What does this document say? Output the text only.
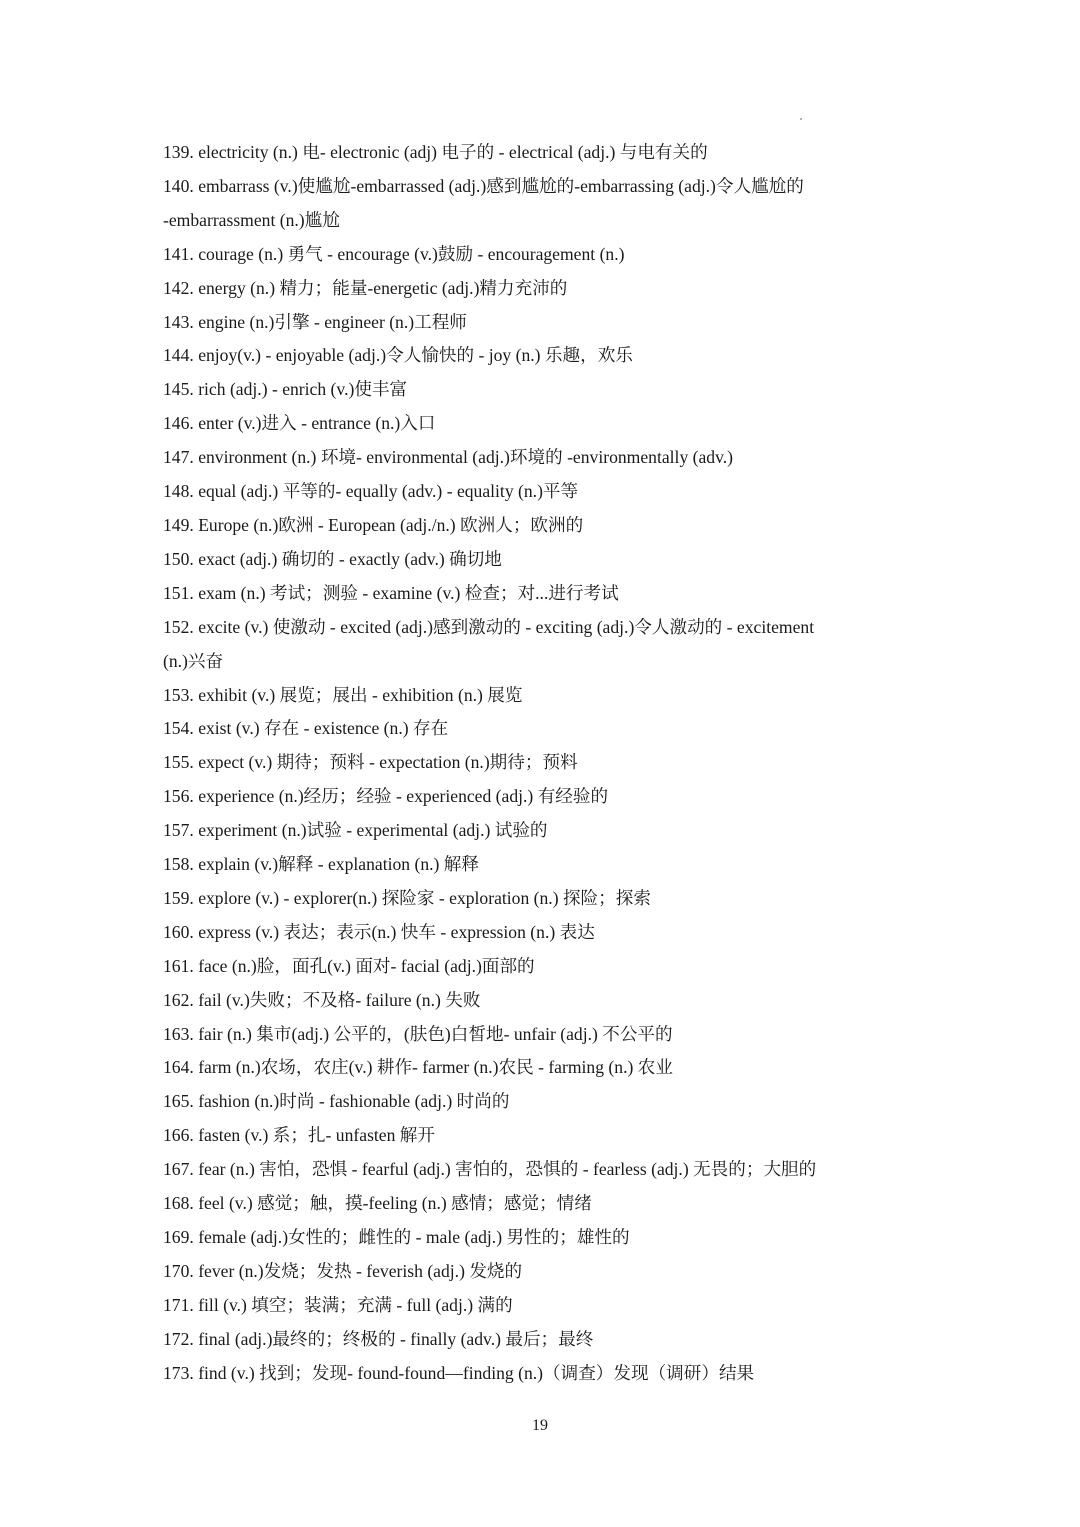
139. electricity (n.) 电- electronic (adj) 电子的 - electrical (adj.) 与电有关的
140. embarrass (v.)使尴尬-embarrassed (adj.)感到尴尬的-embarrassing (adj.)令人尴尬的
-embarrassment (n.)尴尬
141. courage (n.) 勇气 - encourage (v.)鼓励 - encouragement (n.)
142. energy (n.) 精力；能量-energetic (adj.)精力充沛的
143. engine (n.)引擎 - engineer (n.)工程师
144. enjoy(v.) - enjoyable (adj.)令人愉快的 - joy (n.) 乐趣，欢乐
145. rich (adj.) - enrich (v.)使丰富
146. enter (v.)进入 - entrance (n.)入口
147. environment (n.) 环境- environmental (adj.)环境的 -environmentally (adv.)
148. equal (adj.) 平等的- equally (adv.) - equality (n.)平等
149. Europe (n.)欧洲 - European (adj./n.) 欧洲人；欧洲的
150. exact (adj.) 确切的 - exactly (adv.) 确切地
151. exam (n.) 考试；测验 - examine (v.) 检查；对...进行考试
152. excite (v.) 使激动 - excited (adj.)感到激动的 - exciting (adj.)令人激动的 - excitement
(n.)兴奋
153. exhibit (v.) 展览；展出 - exhibition (n.) 展览
154. exist (v.) 存在 - existence (n.) 存在
155. expect (v.) 期待；预料 - expectation (n.)期待；预料
156. experience (n.)经历；经验 - experienced (adj.) 有经验的
157. experiment (n.)试验 - experimental (adj.) 试验的
158. explain (v.)解释 - explanation (n.) 解释
159. explore (v.) - explorer(n.) 探险家 - exploration (n.) 探险；探索
160. express (v.) 表达；表示(n.) 快车 - expression (n.) 表达
161. face (n.)脸，面孔(v.) 面对- facial (adj.)面部的
162. fail (v.)失败；不及格- failure (n.) 失败
163. fair (n.) 集市(adj.) 公平的，(肤色)白皙地- unfair (adj.) 不公平的
164. farm (n.)农场，农庄(v.) 耕作- farmer (n.)农民 - farming (n.) 农业
165. fashion (n.)时尚 - fashionable (adj.) 时尚的
166. fasten (v.) 系；扎- unfasten 解开
167. fear (n.) 害怕，恐惧 - fearful (adj.) 害怕的，恐惧的 - fearless (adj.) 无畏的；大胆的
168. feel (v.) 感觉；触，摸-feeling (n.) 感情；感觉；情绪
169. female (adj.)女性的；雌性的 - male (adj.) 男性的；雄性的
170. fever (n.)发烧；发热 - feverish (adj.) 发烧的
171. fill (v.) 填空；装满；充满 - full (adj.) 满的
172. final (adj.)最终的；终极的 - finally (adv.) 最后；最终
173. find (v.) 找到；发现- found-found—finding (n.)（调查）发现（调研）结果
19
